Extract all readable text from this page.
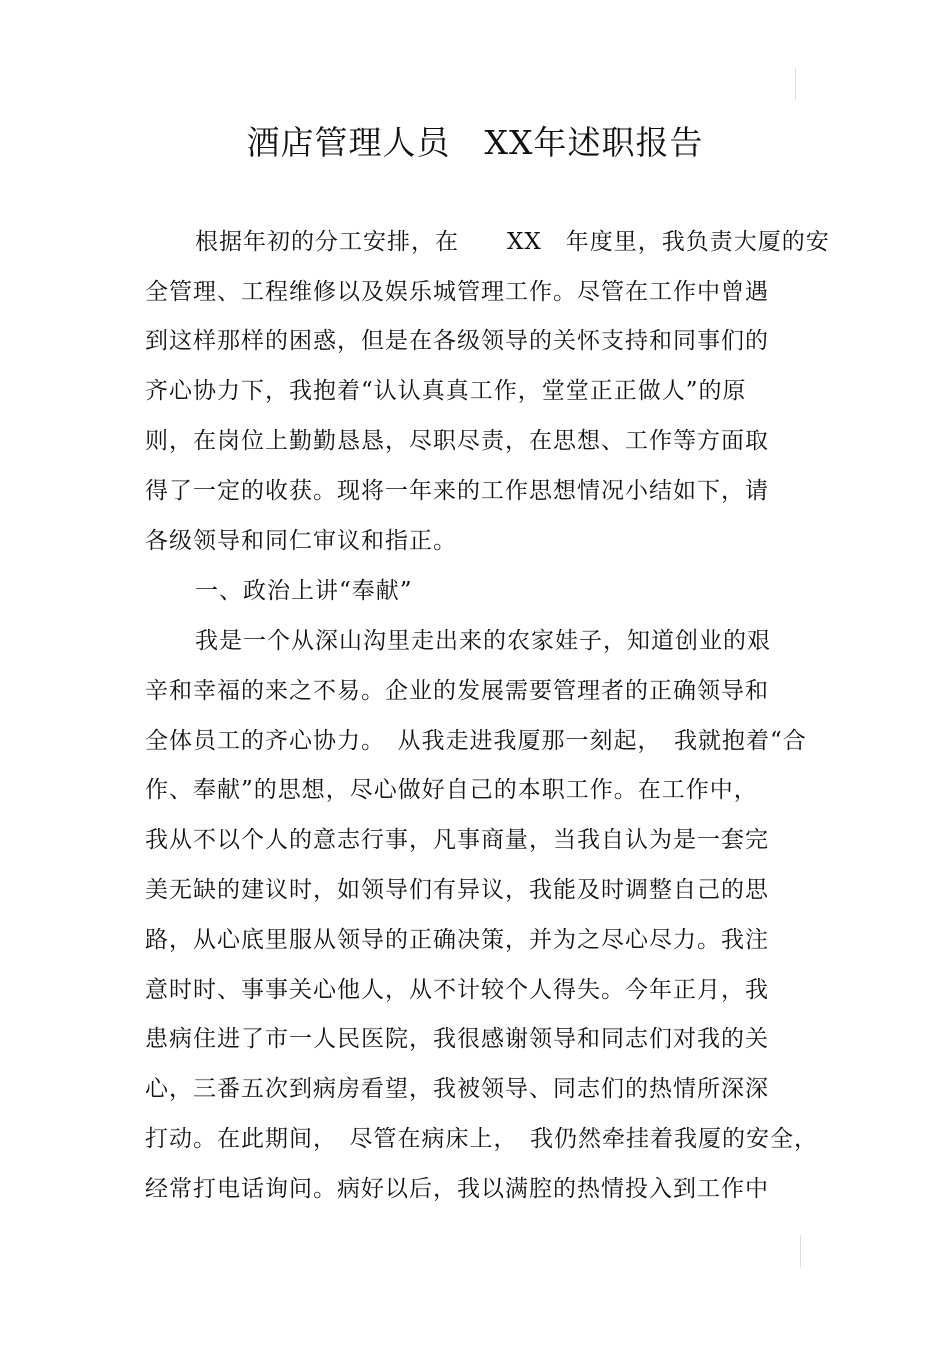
酒店管理人员　XX年述职报告
根据年初的分工安排，在　　XX　年度里，我负责大厦的安
全管理、工程维修以及娱乐城管理工作。尽管在工作中曾遇
到这样那样的困惑，但是在各级领导的关怀支持和同事们的
齐心协力下，我抱着“认认真真工作，堂堂正正做人”的原
则，在岗位上勤勤恳恳，尽职尽责，在思想、工作等方面取
得了一定的收获。现将一年来的工作思想情况小结如下，请
各级领导和同仁审议和指正。
一、政治上讲“奉献”
我是一个从深山沟里走出来的农家娃子，知道创业的艰
辛和幸福的来之不易。企业的发展需要管理者的正确领导和
全体员工的齐心协力。　从我走进我厦那一刻起，　我就抱着“合
作、奉献”的思想，尽心做好自己的本职工作。在工作中，
我从不以个人的意志行事，凡事商量，当我自认为是一套完
美无缺的建议时，如领导们有异议，我能及时调整自己的思
路，从心底里服从领导的正确决策，并为之尽心尽力。我注
意时时、事事关心他人，从不计较个人得失。今年正月，我
患病住进了市一人民医院，我很感谢领导和同志们对我的关
心，三番五次到病房看望，我被领导、同志们的热情所深深
打动。在此期间，　尽管在病床上，　我仍然牵挂着我厦的安全，
经常打电话询问。病好以后，我以满腔的热情投入到工作中
